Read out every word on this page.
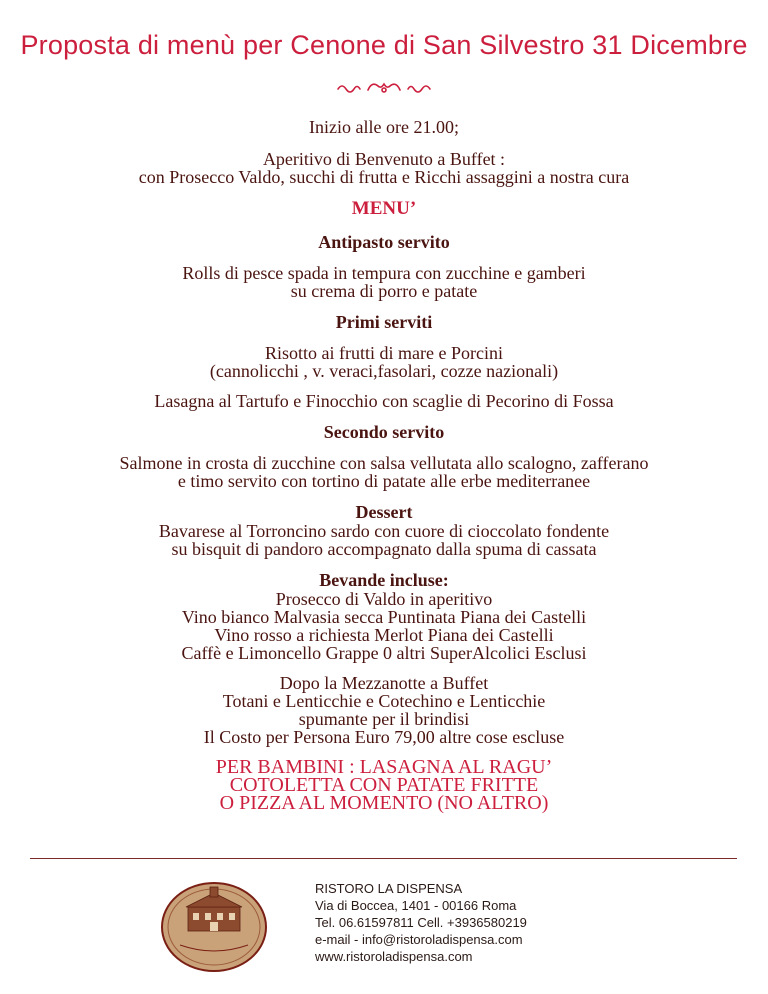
Proposta di menù per Cenone di San Silvestro 31 Dicembre
Inizio alle ore 21.00;
Aperitivo di Benvenuto a Buffet :
con Prosecco Valdo, succhi di frutta e Ricchi assaggini a nostra cura
MENU’
Antipasto servito
Rolls di pesce spada in tempura con zucchine e gamberi
su crema di porro e patate
Primi serviti
Risotto ai frutti di mare e Porcini
(cannolicchi , v. veraci,fasolari, cozze nazionali)
Lasagna al Tartufo e Finocchio con scaglie di Pecorino di Fossa
Secondo servito
Salmone in crosta di zucchine con salsa vellutata allo scalogno, zafferano
e timo servito con tortino di patate alle erbe mediterranee
Dessert
Bavarese al Torroncino sardo con cuore di cioccolato fondente
su bisquit di pandoro accompagnato dalla spuma di cassata
Bevande incluse:
Prosecco di Valdo in aperitivo
Vino bianco Malvasia secca Puntinata Piana dei Castelli
Vino rosso a richiesta Merlot Piana dei Castelli
Caffè e Limoncello Grappe 0 altri SuperAlcolici Esclusi
Dopo la Mezzanotte a Buffet
Totani e Lenticchie e Cotechino e Lenticchie
spumante per il brindisi
Il Costo per Persona Euro 79,00 altre cose escluse
PER BAMBINI : LASAGNA AL RAGU’
COTOLETTA CON PATATE FRITTE
O PIZZA AL MOMENTO (NO ALTRO)
RISTORO LA DISPENSA
Via di Boccea, 1401 - 00166 Roma
Tel. 06.61597811 Cell. +3936580219
e-mail - info@ristoroladispensa.com
www.ristoroladispensa.com
